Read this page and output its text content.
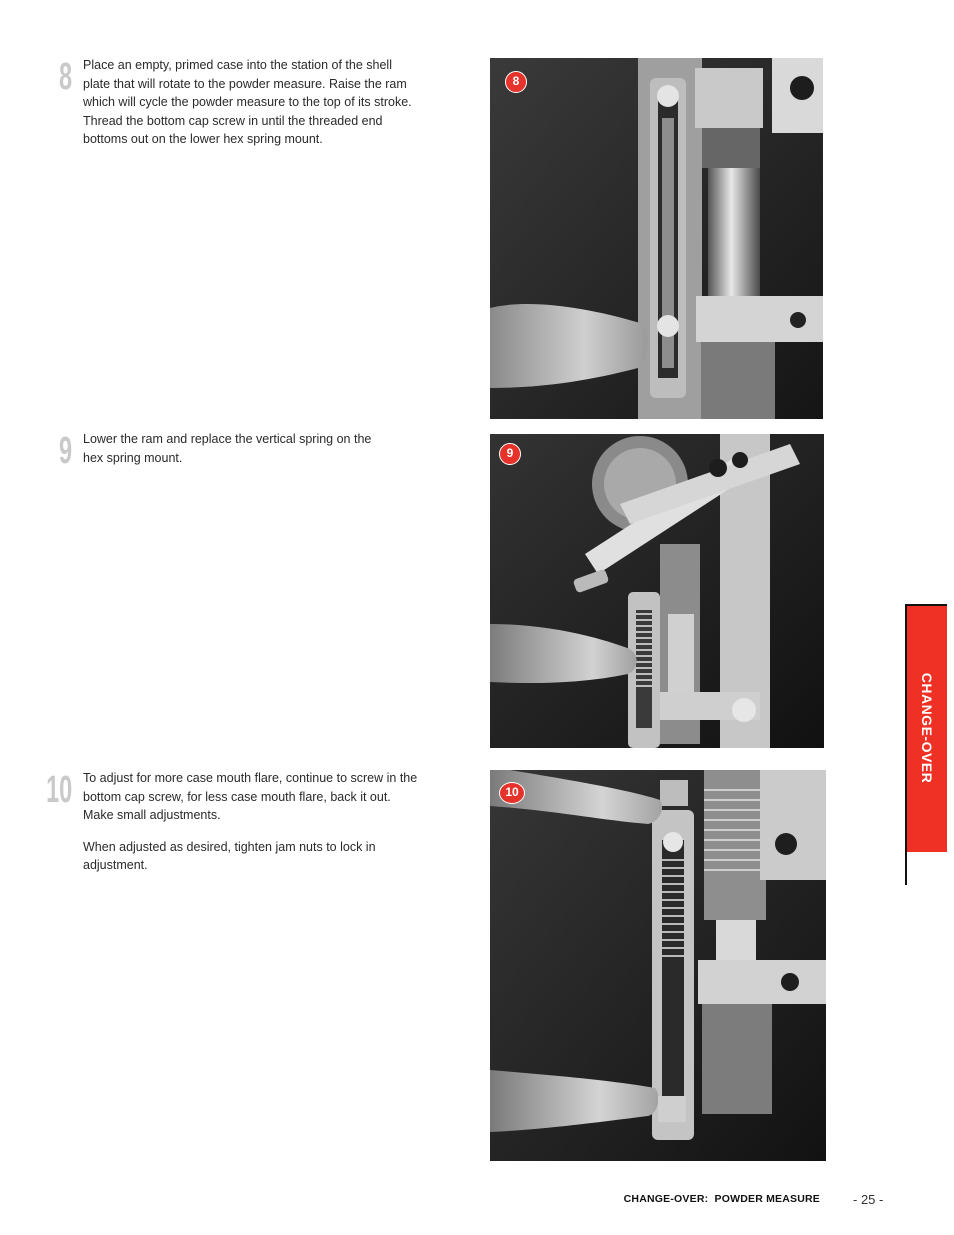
8 Place an empty, primed case into the station of the shell plate that will rotate to the powder measure. Raise the ram which will cycle the powder measure to the top of its stroke. Thread the bottom cap screw in until the threaded end bottoms out on the lower hex spring mount.

8
9 Lower the ram and replace the vertical spring on the hex spring mount.	9
10 To adjust for more case mouth flare, continue to screw in the bottom cap screw, for less case mouth flare, back it out. Make small adjustments.

When adjusted as desired, tighten jam nuts to lock in adjustment.

10
CHANGE-OVER
CHANGE-OVER:  POWDER MEASURE	- 25 -
